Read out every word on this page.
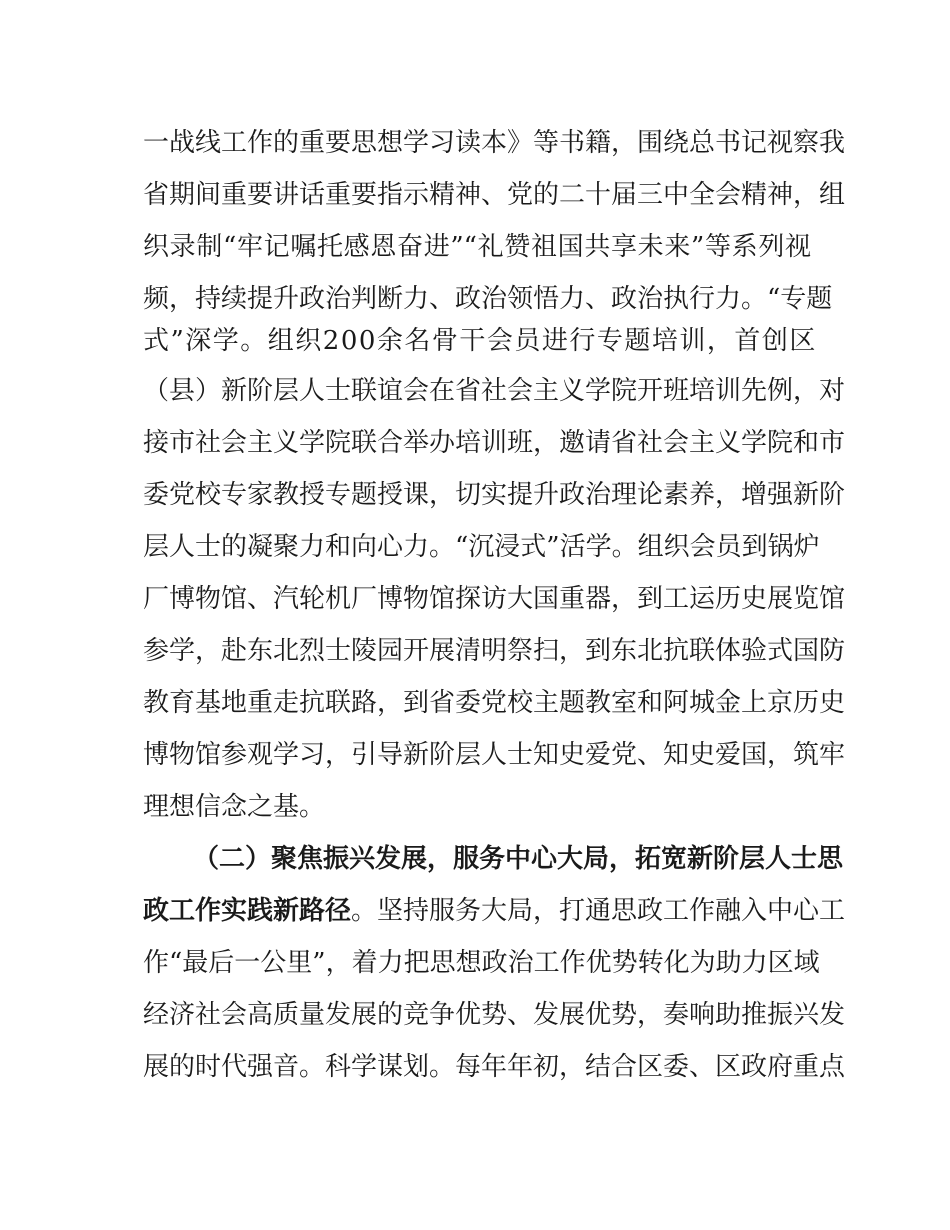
一战线工作的重要思想学习读本》等书籍，围绕总书记视察我
省期间重要讲话重要指示精神、党的二十届三中全会精神，组
织录制“牢记嘱托感恩奋进”“礼赞祖国共享未来”等系列视
频，持续提升政治判断力、政治领悟力、政治执行力。“专题
式”深学。组织200余名骨干会员进行专题培训，首创区
（县）新阶层人士联谊会在省社会主义学院开班培训先例，对
接市社会主义学院联合举办培训班，邀请省社会主义学院和市
委党校专家教授专题授课，切实提升政治理论素养，增强新阶
层人士的凝聚力和向心力。“沉浸式”活学。组织会员到锅炉
厂博物馆、汽轮机厂博物馆探访大国重器，到工运历史展览馆
参学，赴东北烈士陵园开展清明祭扫，到东北抗联体验式国防
教育基地重走抗联路，到省委党校主题教室和阿城金上京历史
博物馆参观学习，引导新阶层人士知史爱党、知史爱国，筑牢
理想信念之基。
（二）聚焦振兴发展，服务中心大局，拓宽新阶层人士思
政工作实践新路径。坚持服务大局，打通思政工作融入中心工
作“最后一公里”，着力把思想政治工作优势转化为助力区域
经济社会高质量发展的竞争优势、发展优势，奏响助推振兴发
展的时代强音。科学谋划。每年年初，结合区委、区政府重点
